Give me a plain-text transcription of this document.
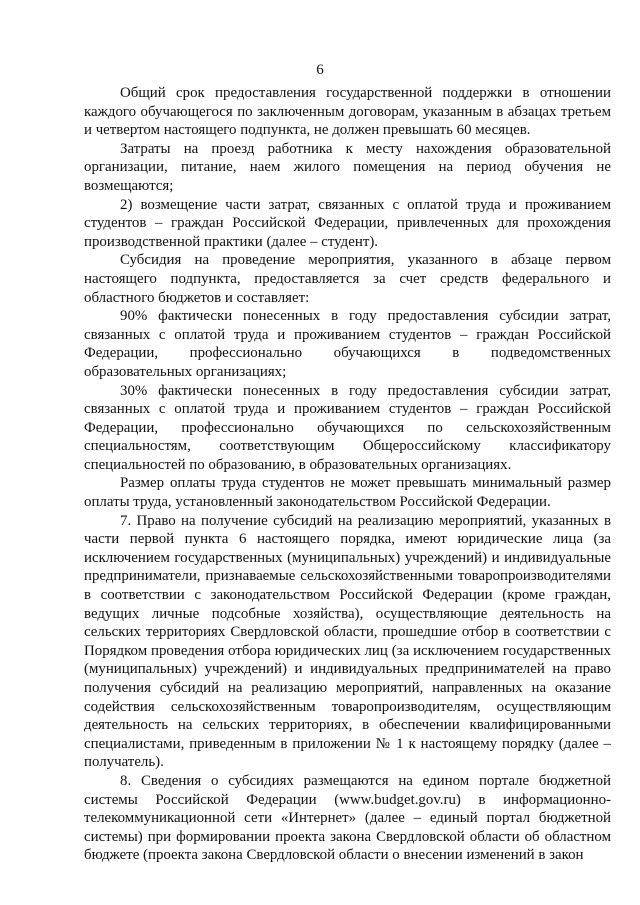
6

Общий срок предоставления государственной поддержки в отношении каждого обучающегося по заключенным договорам, указанным в абзацах третьем и четвертом настоящего подпункта, не должен превышать 60 месяцев.

Затраты на проезд работника к месту нахождения образовательной организации, питание, наем жилого помещения на период обучения не возмещаются;

2) возмещение части затрат, связанных с оплатой труда и проживанием студентов – граждан Российской Федерации, привлеченных для прохождения производственной практики (далее – студент).

Субсидия на проведение мероприятия, указанного в абзаце первом настоящего подпункта, предоставляется за счет средств федерального и областного бюджетов и составляет:

90% фактически понесенных в году предоставления субсидии затрат, связанных с оплатой труда и проживанием студентов – граждан Российской Федерации, профессионально обучающихся в подведомственных образовательных организациях;

30% фактически понесенных в году предоставления субсидии затрат, связанных с оплатой труда и проживанием студентов – граждан Российской Федерации, профессионально обучающихся по сельскохозяйственным специальностям, соответствующим Общероссийскому классификатору специальностей по образованию, в образовательных организациях.

Размер оплаты труда студентов не может превышать минимальный размер оплаты труда, установленный законодательством Российской Федерации.

7. Право на получение субсидий на реализацию мероприятий, указанных в части первой пункта 6 настоящего порядка, имеют юридические лица (за исключением государственных (муниципальных) учреждений) и индивидуальные предприниматели, признаваемые сельскохозяйственными товаропроизводителями в соответствии с законодательством Российской Федерации (кроме граждан, ведущих личные подсобные хозяйства), осуществляющие деятельность на сельских территориях Свердловской области, прошедшие отбор в соответствии с Порядком проведения отбора юридических лиц (за исключением государственных (муниципальных) учреждений) и индивидуальных предпринимателей на право получения субсидий на реализацию мероприятий, направленных на оказание содействия сельскохозяйственным товаропроизводителям, осуществляющим деятельность на сельских территориях, в обеспечении квалифицированными специалистами, приведенным в приложении № 1 к настоящему порядку (далее – получатель).

8. Сведения о субсидиях размещаются на едином портале бюджетной системы Российской Федерации (www.budget.gov.ru) в информационно-телекоммуникационной сети «Интернет» (далее – единый портал бюджетной системы) при формировании проекта закона Свердловской области об областном бюджете (проекта закона Свердловской области о внесении изменений в закон
